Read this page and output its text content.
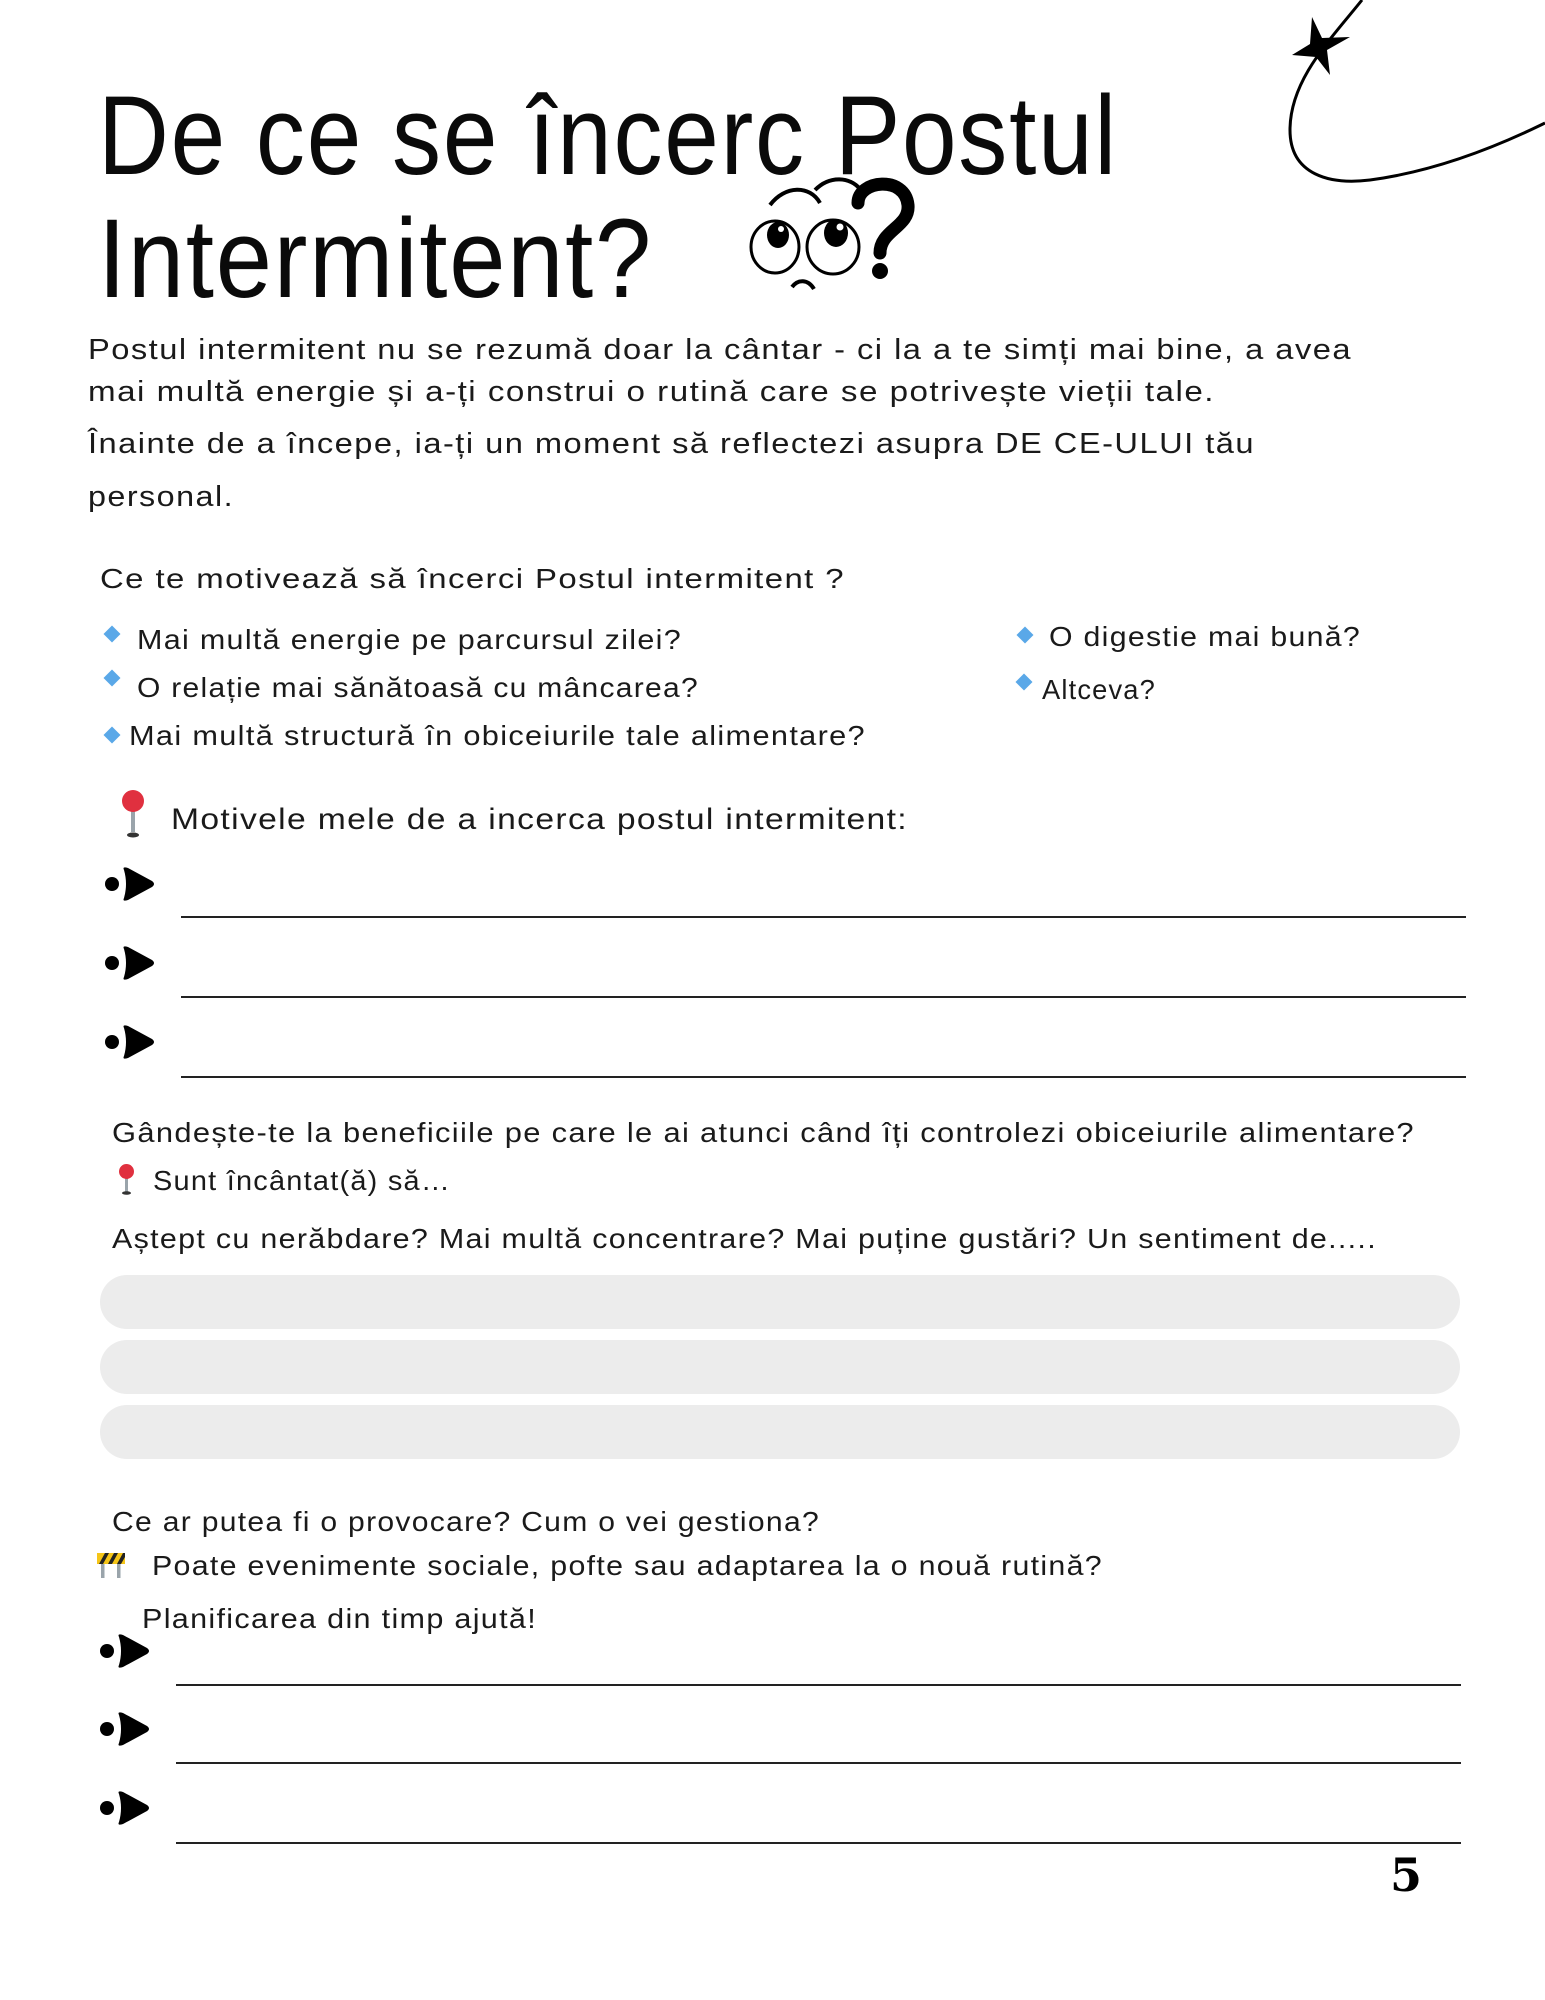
De ce se încerc Postul
Intermitent?
Postul intermitent nu se rezumă doar la cântar - ci la a te simți mai bine, a avea
mai multă energie și a-ți construi o rutină care se potrivește vieții tale.
Înainte de a începe, ia-ți un moment să reflectezi asupra DE CE-ULUI tău
personal.
Ce te motivează să încerci Postul intermitent ?
Mai multă energie pe parcursul zilei?
O relație mai sănătoasă cu mâncarea?
Mai multă structură în obiceiurile tale alimentare?
O digestie mai bună?
Altceva?
Motivele mele de a incerca postul intermitent:
Gândește-te la beneficiile pe care le ai atunci când îți controlezi obiceiurile alimentare?
Sunt încântat(ă) să…
Aștept cu nerăbdare? Mai multă concentrare? Mai puține gustări? Un sentiment de.....
Ce ar putea fi o provocare? Cum o vei gestiona?
Poate evenimente sociale, pofte sau adaptarea la o nouă rutină?
Planificarea din timp ajută!
5
